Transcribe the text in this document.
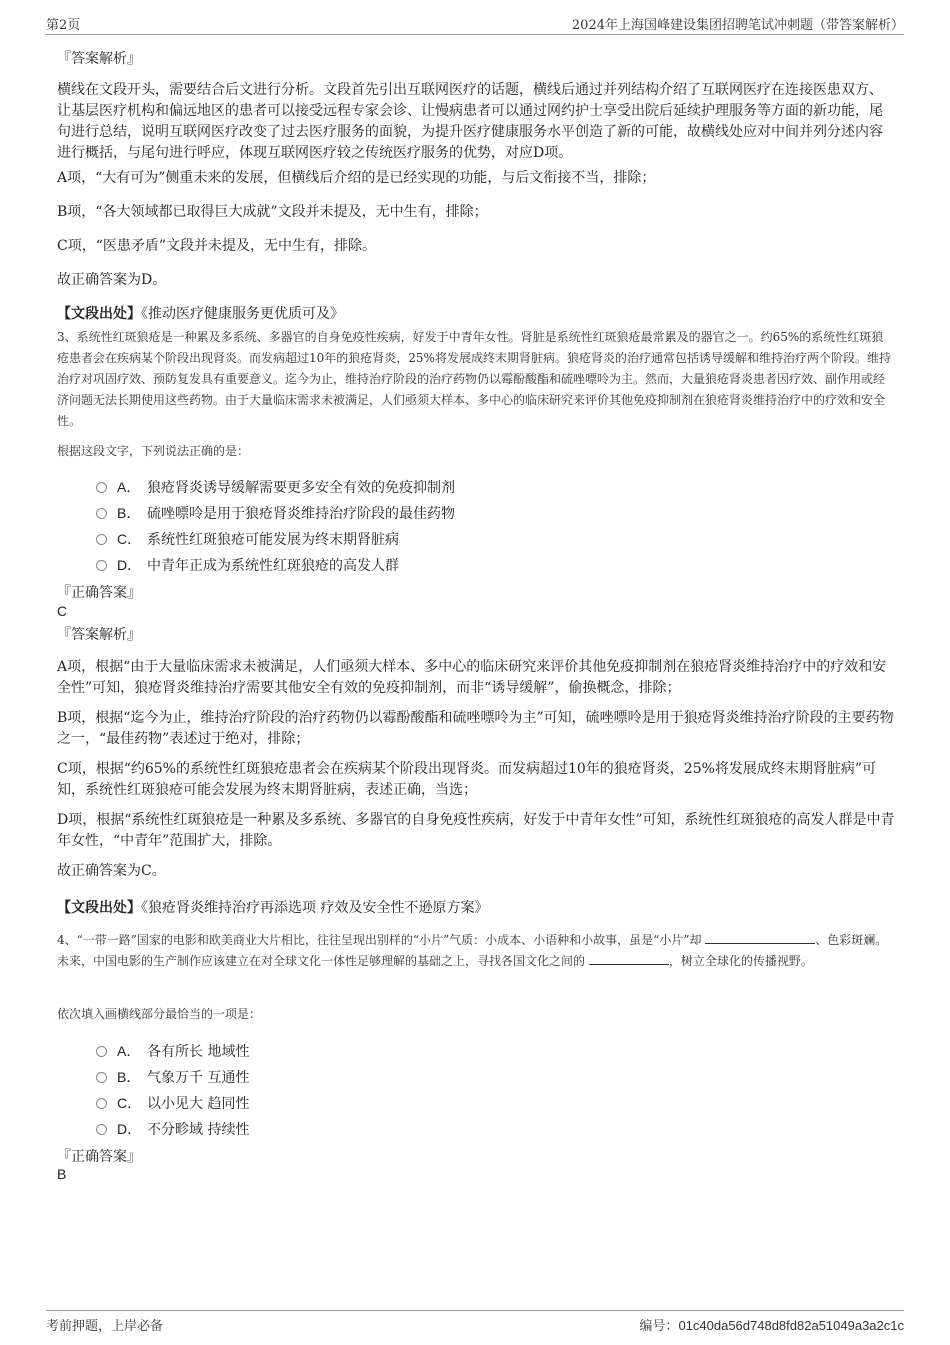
第2页	2024年上海国峰建设集团招聘笔试冲刺题（带答案解析）
『答案解析』
横线在文段开头，需要结合后文进行分析。文段首先引出互联网医疗的话题，横线后通过并列结构介绍了互联网医疗在连接医患双方、让基层医疗机构和偏远地区的患者可以接受远程专家会诊、让慢病患者可以通过网约护士享受出院后延续护理服务等方面的新功能，尾句进行总结，说明互联网医疗改变了过去医疗服务的面貌，为提升医疗健康服务水平创造了新的可能，故横线处应对中间并列分述内容进行概括，与尾句进行呼应，体现互联网医疗较之传统医疗服务的优势，对应D项。
A项，“大有可为”侧重未来的发展，但横线后介绍的是已经实现的功能，与后文衔接不当，排除；
B项，“各大领域都已取得巨大成就”文段并未提及，无中生有，排除；
C项，“医患矛盾”文段并未提及，无中生有，排除。
故正确答案为D。
【文段出处】《推动医疗健康服务更优质可及》
3、系统性红斑狼疮是一种累及多系统、多器官的自身免疫性疾病，好发于中青年女性。肾脏是系统性红斑狼疮最常累及的器官之一。约65%的系统性红斑狼疮患者会在疾病某个阶段出现肾炎。而发病超过10年的狼疮肾炎，25%将发展成终末期肾脏病。狼疮肾炎的治疗通常包括诱导缓解和维持治疗两个阶段。维持治疗对巩固疗效、预防复发具有重要意义。迄今为止，维持治疗阶段的治疗药物仍以霉酚酸酯和硫唑嘌呤为主。然而，大量狼疮肾炎患者因疗效、副作用或经济问题无法长期使用这些药物。由于大量临床需求未被满足，人们亟须大样本、多中心的临床研究来评价其他免疫抑制剂在狼疮肾炎维持治疗中的疗效和安全性。
根据这段文字，下列说法正确的是：
A． 狼疮肾炎诱导缓解需要更多安全有效的免疫抑制剂
B． 硫唑嘌呤是用于狼疮肾炎维持治疗阶段的最佳药物
C． 系统性红斑狼疮可能发展为终末期肾脏病
D． 中青年正成为系统性红斑狼疮的高发人群
『正确答案』
C
『答案解析』
A项，根据“由于大量临床需求未被满足，人们亟须大样本、多中心的临床研究来评价其他免疫抑制剂在狼疮肾炎维持治疗中的疗效和安全性”可知，狼疮肾炎维持治疗需要其他安全有效的免疫抑制剂，而非“诱导缓解”，偷换概念，排除；
B项，根据“迄今为止，维持治疗阶段的治疗药物仍以霉酚酸酯和硫唑嘌呤为主”可知，硫唑嘌呤是用于狼疮肾炎维持治疗阶段的主要药物之一，“最佳药物”表述过于绝对，排除；
C项，根据“约65%的系统性红斑狼疮患者会在疾病某个阶段出现肾炎。而发病超过10年的狼疮肾炎，25%将发展成终末期肾脏病”可知，系统性红斑狼疮可能会发展为终末期肾脏病，表述正确，当选；
D项，根据“系统性红斑狼疮是一种累及多系统、多器官的自身免疫性疾病，好发于中青年女性”可知，系统性红斑狼疮的高发人群是中青年女性，“中青年”范围扩大，排除。
故正确答案为C。
【文段出处】《狼疮肾炎维持治疗再添选项 疗效及安全性不逊原方案》
4、“一带一路”国家的电影和欧美商业大片相比，往往呈现出别样的“小片”气质：小成本、小语种和小故事，虽是“小片”却	、色彩斑斓。未来，中国电影的生产制作应该建立在对全球文化一体性足够理解的基础之上，寻找各国文化之间的	，树立全球化的传播视野。
依次填入画横线部分最恰当的一项是：
A． 各有所长 地域性
B． 气象万千 互通性
C． 以小见大 趋同性
D． 不分畛域 持续性
『正确答案』
B
考前押题，上岸必备	编号：01c40da56d748d8fd82a51049a3a2c1c
